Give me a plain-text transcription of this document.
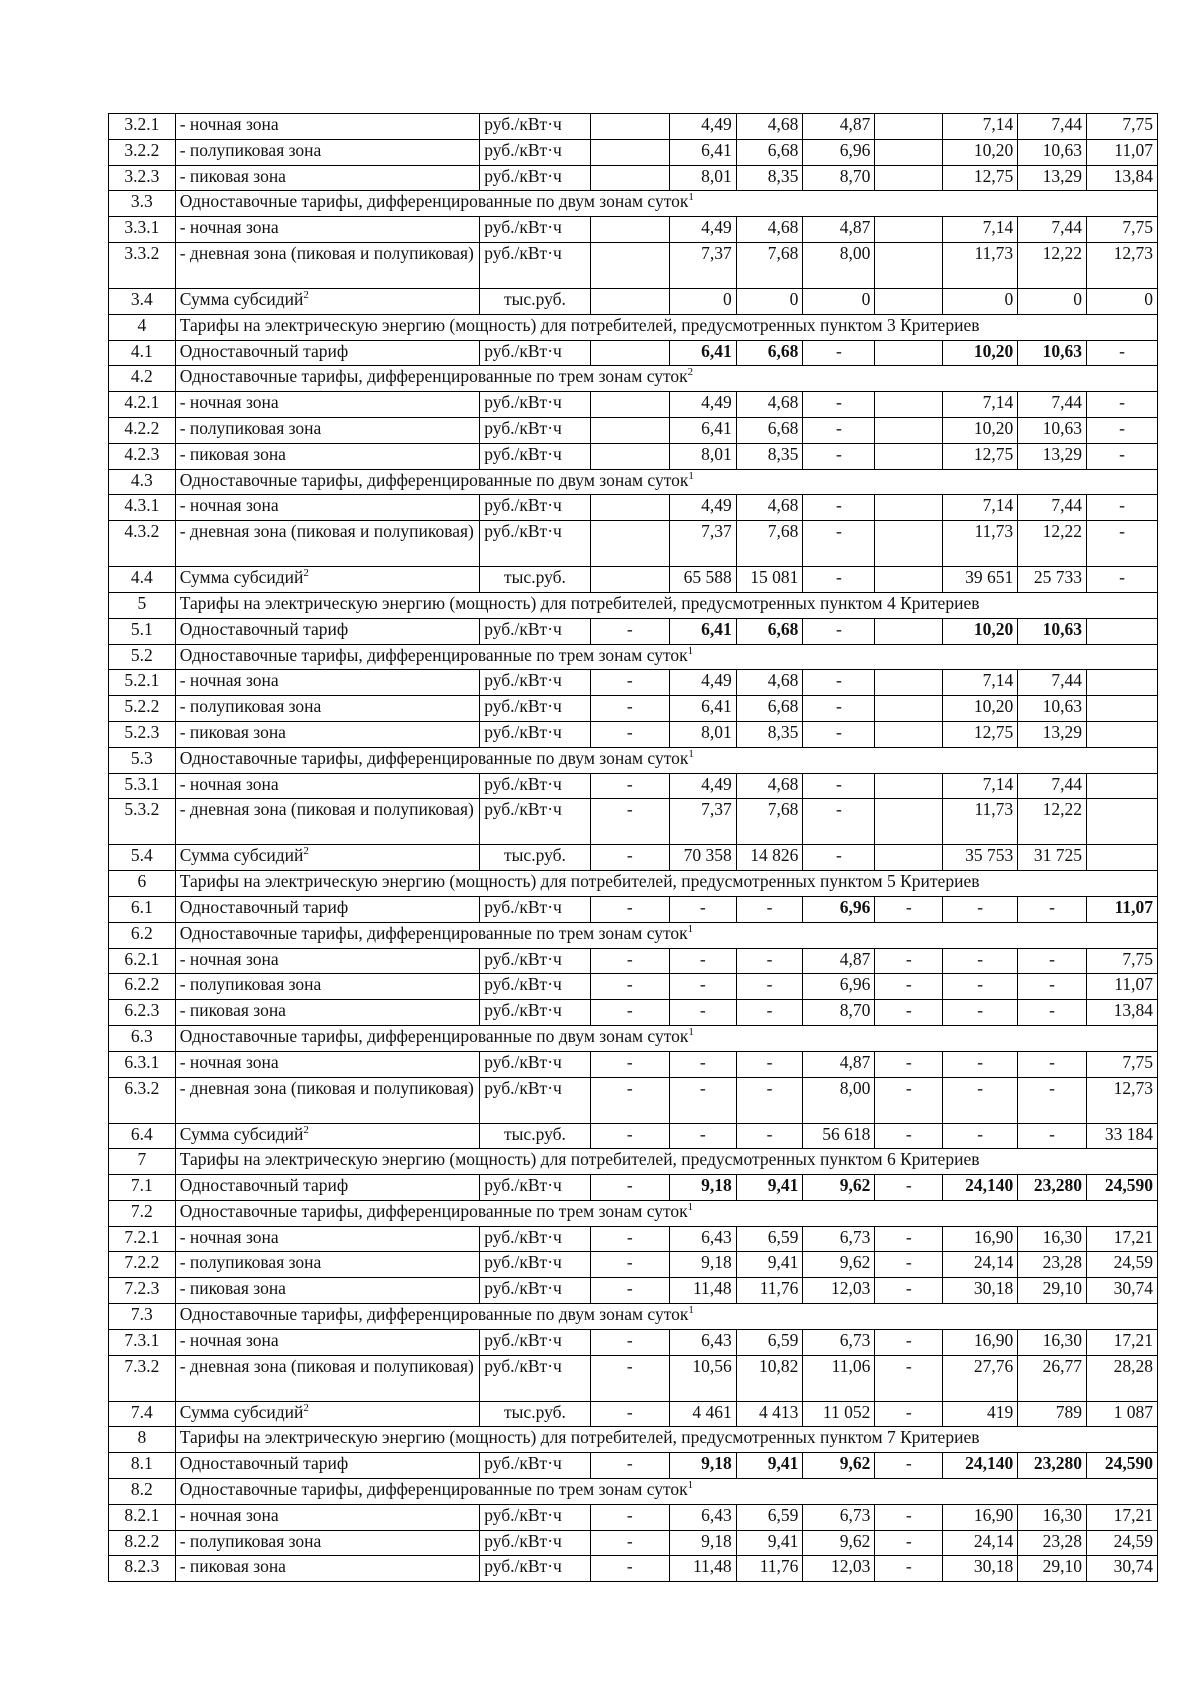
3.2.1	- ночная зона	руб./кВт·ч		4,49	4,68	4,87		7,14	7,44	7,75
3.2.2	- полупиковая зона	руб./кВт·ч		6,41	6,68	6,96		10,20	10,63	11,07
3.2.3	- пиковая зона	руб./кВт·ч		8,01	8,35	8,70		12,75	13,29	13,84
3.3	Одноставочные тарифы, дифференцированные по двум зонам суток$^1$
3.3.1	- ночная зона	руб./кВт·ч		4,49	4,68	4,87		7,14	7,44	7,75
3.3.2	- дневная зона (пиковая и полупиковая)	руб./кВт·ч		7,37	7,68	8,00		11,73	12,22	12,73
3.4	Сумма субсидий$^2$	тыс.руб.		0	0	0		0	0	0
4	Тарифы на электрическую энергию (мощность) для потребителей, предусмотренных пунктом 3 Критериев									
4.1	Одноставочный тариф	руб./кВт·ч		6,41	6,68	-		10,20	10,63	-
4.2	Одноставочные тарифы, дифференцированные по трем зонам суток$^2$
4.2.1	- ночная зона	руб./кВт·ч		4,49	4,68	-		7,14	7,44	-
4.2.2	- полупиковая зона	руб./кВт·ч		6,41	6,68	-		10,20	10,63	-
4.2.3	- пиковая зона	руб./кВт·ч		8,01	8,35	-		12,75	13,29	-
4.3	Одноставочные тарифы, дифференцированные по двум зонам суток$^1$
4.3.1	- ночная зона	руб./кВт·ч		4,49	4,68	-		7,14	7,44	-
4.3.2	- дневная зона (пиковая и полупиковая)	руб./кВт·ч		7,37	7,68	-		11,73	12,22	-
4.4	Сумма субсидий$^2$	тыс.руб.		65 588	15 081	-		39 651	25 733	-
5	Тарифы на электрическую энергию (мощность) для потребителей, предусмотренных пунктом 4 Критериев									
5.1	Одноставочный тариф	руб./кВт·ч	-	6,41	6,68	-		10,20	10,63	
5.2	Одноставочные тарифы, дифференцированные по трем зонам суток$^1$
5.2.1	- ночная зона	руб./кВт·ч	-	4,49	4,68	-		7,14	7,44	
5.2.2	- полупиковая зона	руб./кВт·ч	-	6,41	6,68	-		10,20	10,63	
5.2.3	- пиковая зона	руб./кВт·ч	-	8,01	8,35	-		12,75	13,29	
5.3	Одноставочные тарифы, дифференцированные по двум зонам суток$^1$
5.3.1	- ночная зона	руб./кВт·ч	-	4,49	4,68	-		7,14	7,44	
5.3.2	- дневная зона (пиковая и полупиковая)	руб./кВт·ч	-	7,37	7,68	-		11,73	12,22	
5.4	Сумма субсидий$^2$	тыс.руб.	-	70 358	14 826	-		35 753	31 725	
6	Тарифы на электрическую энергию (мощность) для потребителей, предусмотренных пунктом 5 Критериев									
6.1	Одноставочный тариф	руб./кВт·ч	-	-	-	6,96	-	-	-	11,07
6.2	Одноставочные тарифы, дифференцированные по трем зонам суток$^1$
6.2.1	- ночная зона	руб./кВт·ч	-	-	-	4,87	-	-	-	7,75
6.2.2	- полупиковая зона	руб./кВт·ч	-	-	-	6,96	-	-	-	11,07
6.2.3	- пиковая зона	руб./кВт·ч	-	-	-	8,70	-	-	-	13,84
6.3	Одноставочные тарифы, дифференцированные по двум зонам суток$^1$
6.3.1	- ночная зона	руб./кВт·ч	-	-	-	4,87	-	-	-	7,75
6.3.2	- дневная зона (пиковая и полупиковая)	руб./кВт·ч	-	-	-	8,00	-	-	-	12,73
6.4	Сумма субсидий$^2$	тыс.руб.	-	-	-	56 618	-	-	-	33 184
7	Тарифы на электрическую энергию (мощность) для потребителей, предусмотренных пунктом 6 Критериев									
7.1	Одноставочный тариф	руб./кВт·ч	-	9,18	9,41	9,62	-	24,140	23,280	24,590
7.2	Одноставочные тарифы, дифференцированные по трем зонам суток$^1$
7.2.1	- ночная зона	руб./кВт·ч	-	6,43	6,59	6,73	-	16,90	16,30	17,21
7.2.2	- полупиковая зона	руб./кВт·ч	-	9,18	9,41	9,62	-	24,14	23,28	24,59
7.2.3	- пиковая зона	руб./кВт·ч	-	11,48	11,76	12,03	-	30,18	29,10	30,74
7.3	Одноставочные тарифы, дифференцированные по двум зонам суток$^1$
7.3.1	- ночная зона	руб./кВт·ч	-	6,43	6,59	6,73	-	16,90	16,30	17,21
7.3.2	- дневная зона (пиковая и полупиковая)	руб./кВт·ч	-	10,56	10,82	11,06	-	27,76	26,77	28,28
7.4	Сумма субсидий$^2$	тыс.руб.	-	4 461	4 413	11 052	-	419	789	1 087
8	Тарифы на электрическую энергию (мощность) для потребителей, предусмотренных пунктом 7 Критериев									
8.1	Одноставочный тариф	руб./кВт·ч	-	9,18	9,41	9,62	-	24,140	23,280	24,590
8.2	Одноставочные тарифы, дифференцированные по трем зонам суток$^1$
8.2.1	- ночная зона	руб./кВт·ч	-	6,43	6,59	6,73	-	16,90	16,30	17,21
8.2.2	- полупиковая зона	руб./кВт·ч	-	9,18	9,41	9,62	-	24,14	23,28	24,59
8.2.3	- пиковая зона	руб./кВт·ч	-	11,48	11,76	12,03	-	30,18	29,10	30,74
